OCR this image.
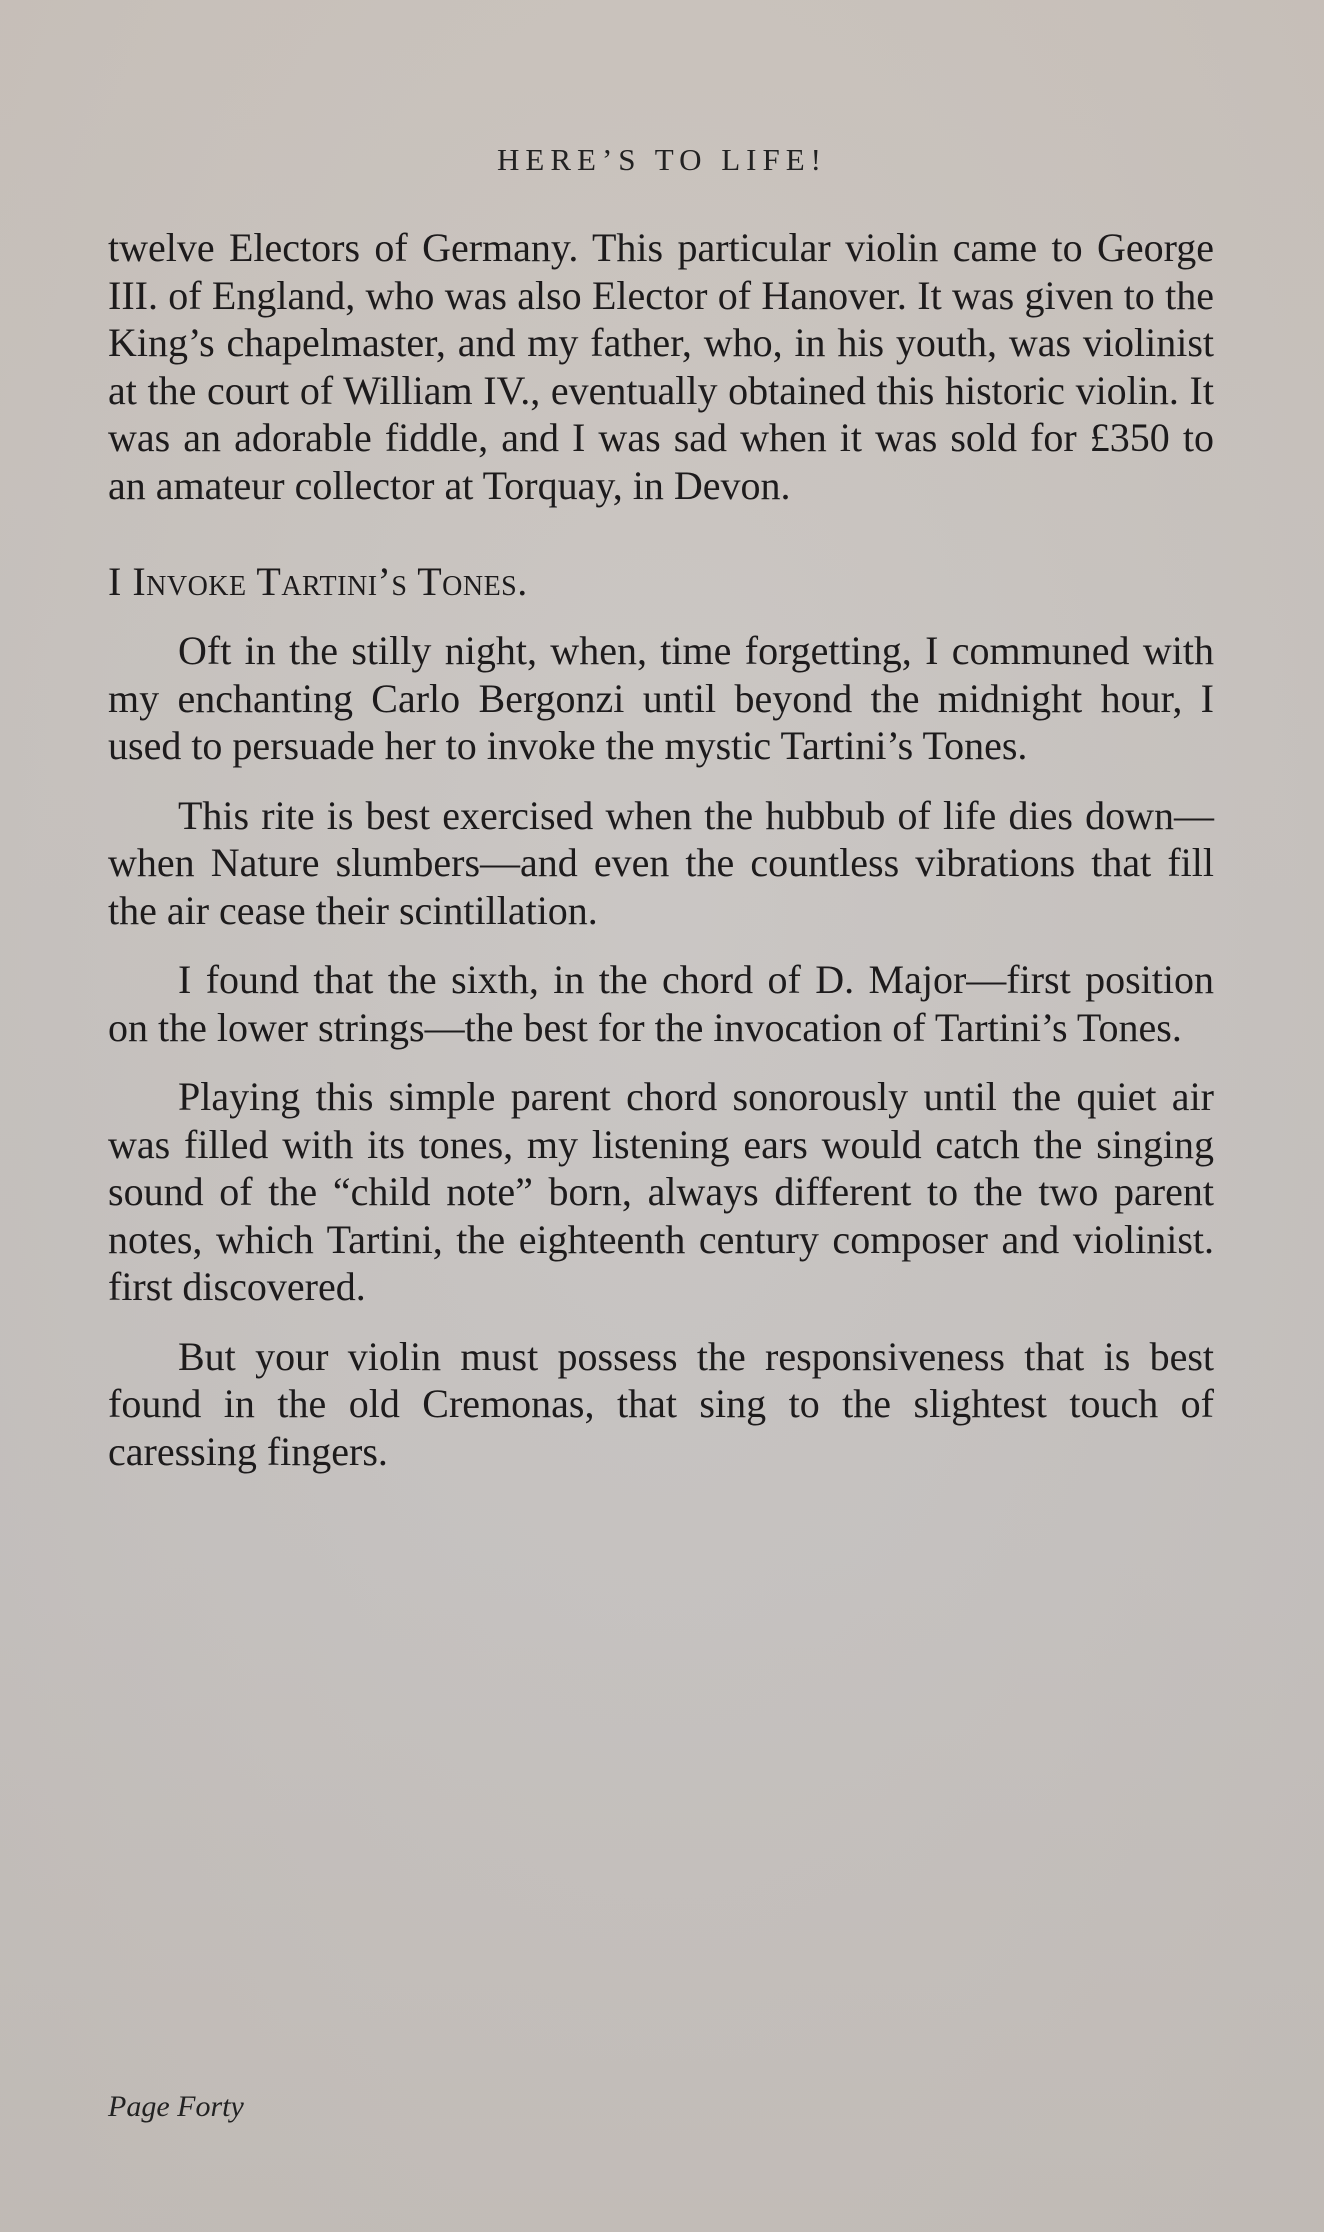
HERE’S TO LIFE!

twelve Electors of Germany. This particular violin came to George III. of England, who was also Elector of Hanover. It was given to the King’s chapelmaster, and my father, who, in his youth, was violinist at the court of William IV., eventually obtained this historic violin. It was an adorable fiddle, and I was sad when it was sold for £350 to an amateur collector at Torquay, in Devon.

I Invoke Tartini’s Tones.

Oft in the stilly night, when, time forgetting, I communed with my enchanting Carlo Bergonzi until beyond the midnight hour, I used to persuade her to invoke the mystic Tartini’s Tones.

This rite is best exercised when the hubbub of life dies down—when Nature slumbers—and even the countless vibrations that fill the air cease their scintillation.

I found that the sixth, in the chord of D. Major—first position on the lower strings—the best for the invocation of Tartini’s Tones.

Playing this simple parent chord sonorously until the quiet air was filled with its tones, my listening ears would catch the singing sound of the “child note” born, always different to the two parent notes, which Tartini, the eighteenth century composer and violinist. first discovered.

But your violin must possess the responsiveness that is best found in the old Cremonas, that sing to the slightest touch of caressing fingers.

Page Forty
